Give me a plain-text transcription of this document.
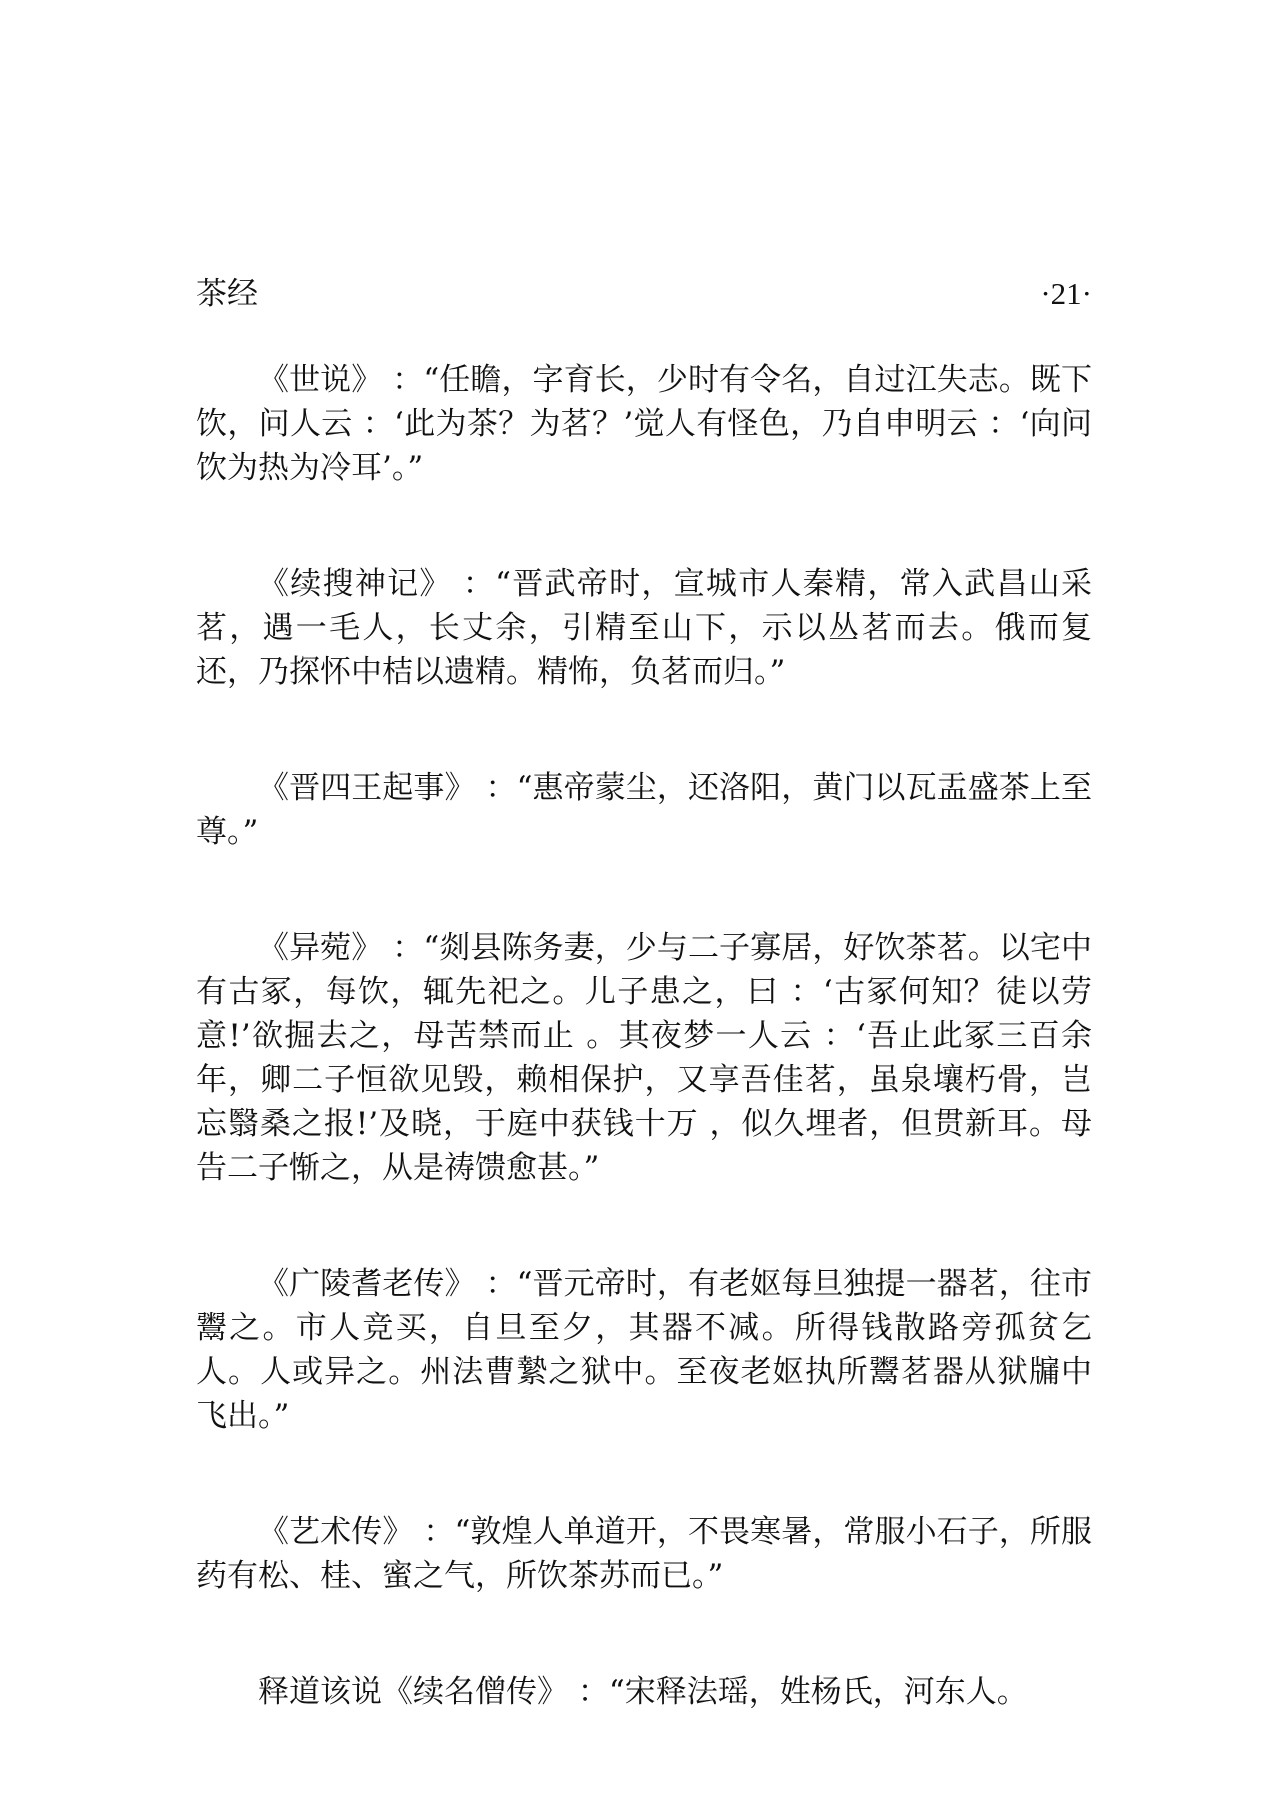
茶经	·21·

《世说》 ：“任瞻，字育长，少时有令名，自过江失志。既下饮，问人云 ：‘此为茶？为茗？’觉人有怪色，乃自申明云 ：‘向问饮为热为冷耳’。”

《续搜神记》 ：“晋武帝时，宣城市人秦精，常入武昌山采茗，遇一毛人，长丈余，引精至山下，示以丛茗而去。俄而复还，乃探怀中桔以遗精。精怖，负茗而归。”

《晋四王起事》 ：“惠帝蒙尘，还洛阳，黄门以瓦盂盛茶上至尊。”

《异菀》 ：“剡县陈务妻，少与二子寡居，好饮茶茗。以宅中有古冢，每饮，辄先祀之。儿子患之，曰 ：‘古冢何知？徒以劳意!’欲掘去之，母苦禁而止 。其夜梦一人云 ：‘吾止此冢三百余年，卿二子恒欲见毁，赖相保护，又享吾佳茗，虽泉壤朽骨，岂忘翳桑之报!’及晓，于庭中获钱十万 ，似久埋者，但贯新耳。母告二子惭之，从是祷馈愈甚。”

《广陵耆老传》 ：“晋元帝时，有老妪每旦独提一器茗，往市鬻之。市人竞买，自旦至夕，其器不减。所得钱散路旁孤贫乞人。人或异之。州法曹縶之狱中。至夜老妪执所鬻茗器从狱牖中飞出。”

《艺术传》 ：“敦煌人单道开，不畏寒暑，常服小石子，所服药有松、桂、蜜之气，所饮茶苏而已。”

释道该说《续名僧传》 ：“宋释法瑶，姓杨氏，河东人。
